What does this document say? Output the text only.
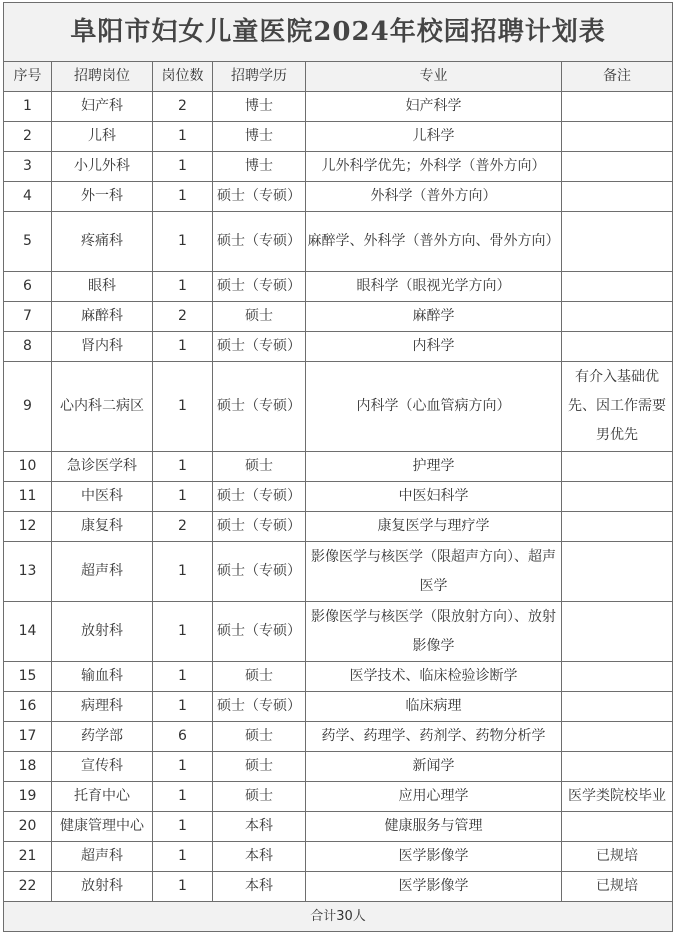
阜阳市妇女儿童医院2024年校园招聘计划表					
序号	招聘岗位	岗位数	招聘学历	专业	备注
1	妇产科	2	博士	妇产科学	
2	儿科	1	博士	儿科学	
3	小儿外科	1	博士	儿外科学优先；外科学（普外方向）	
4	外一科	1	硕士（专硕）	外科学（普外方向）	
5	疼痛科	1	硕士（专硕）	麻醉学、外科学（普外方向、骨外方向）	
6	眼科	1	硕士（专硕）	眼科学（眼视光学方向）	
7	麻醉科	2	硕士	麻醉学	
8	肾内科	1	硕士（专硕）	内科学	
9	心内科二病区	1	硕士（专硕）	内科学（心血管病方向）	有介入基础优先、因工作需要男优先
10	急诊医学科	1	硕士	护理学	
11	中医科	1	硕士（专硕）	中医妇科学	
12	康复科	2	硕士（专硕）	康复医学与理疗学	
13	超声科	1	硕士（专硕）	影像医学与核医学（限超声方向）、超声医学	
14	放射科	1	硕士（专硕）	影像医学与核医学（限放射方向）、放射影像学	
15	输血科	1	硕士	医学技术、临床检验诊断学	
16	病理科	1	硕士（专硕）	临床病理	
17	药学部	6	硕士	药学、药理学、药剂学、药物分析学	
18	宣传科	1	硕士	新闻学	
19	托育中心	1	硕士	应用心理学	医学类院校毕业
20	健康管理中心	1	本科	健康服务与管理	
21	超声科	1	本科	医学影像学	已规培
22	放射科	1	本科	医学影像学	已规培
合计30人					
